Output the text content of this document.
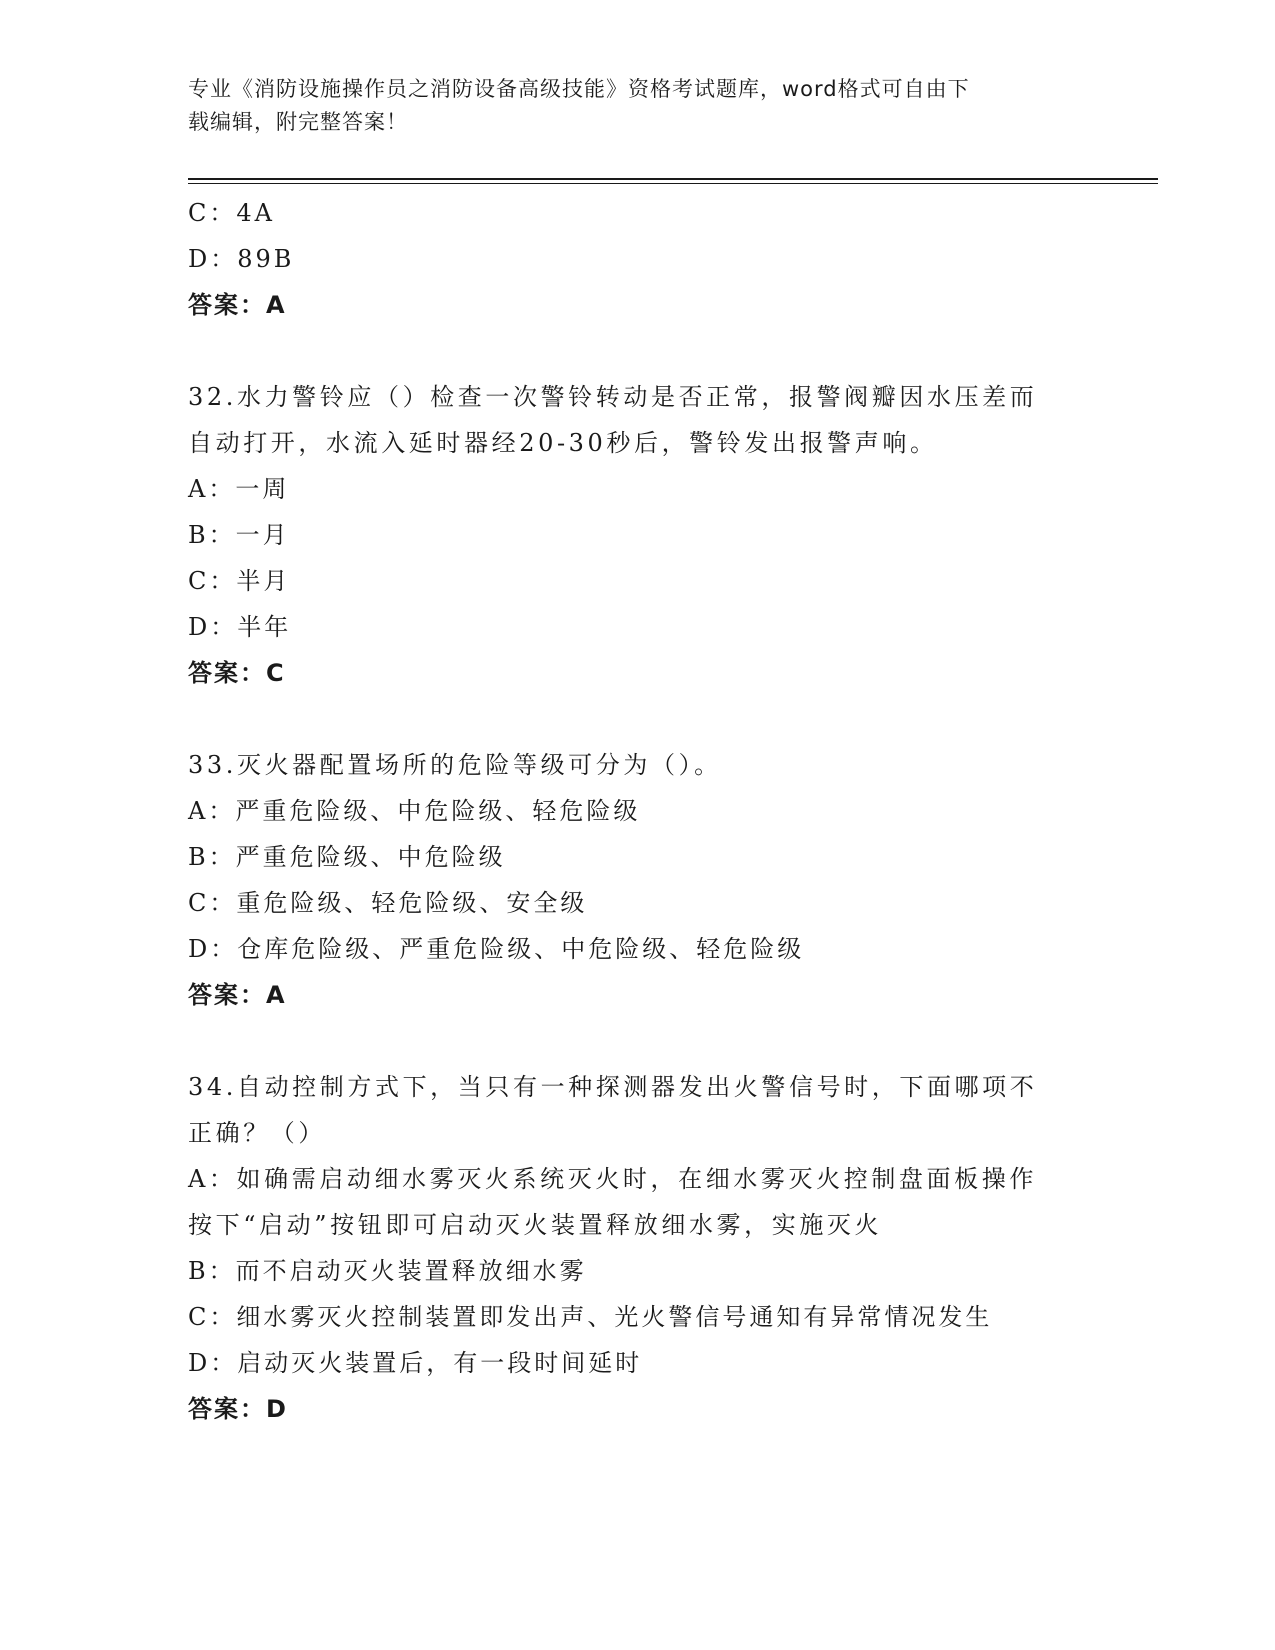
专业《消防设施操作员之消防设备高级技能》资格考试题库，word格式可自由下
载编辑，附完整答案！
C：4A
D：89B
答案：A
32.水力警铃应（）检查一次警铃转动是否正常，报警阀瓣因水压差而
自动打开，水流入延时器经20-30秒后，警铃发出报警声响。
A：一周
B：一月
C：半月
D：半年
答案：C
33.灭火器配置场所的危险等级可分为（）。
A：严重危险级、中危险级、轻危险级
B：严重危险级、中危险级
C：重危险级、轻危险级、安全级
D：仓库危险级、严重危险级、中危险级、轻危险级
答案：A
34.自动控制方式下，当只有一种探测器发出火警信号时，下面哪项不
正确？（）
A：如确需启动细水雾灭火系统灭火时，在细水雾灭火控制盘面板操作
按下“启动”按钮即可启动灭火装置释放细水雾，实施灭火
B：而不启动灭火装置释放细水雾
C：细水雾灭火控制装置即发出声、光火警信号通知有异常情况发生
D：启动灭火装置后，有一段时间延时
答案：D
